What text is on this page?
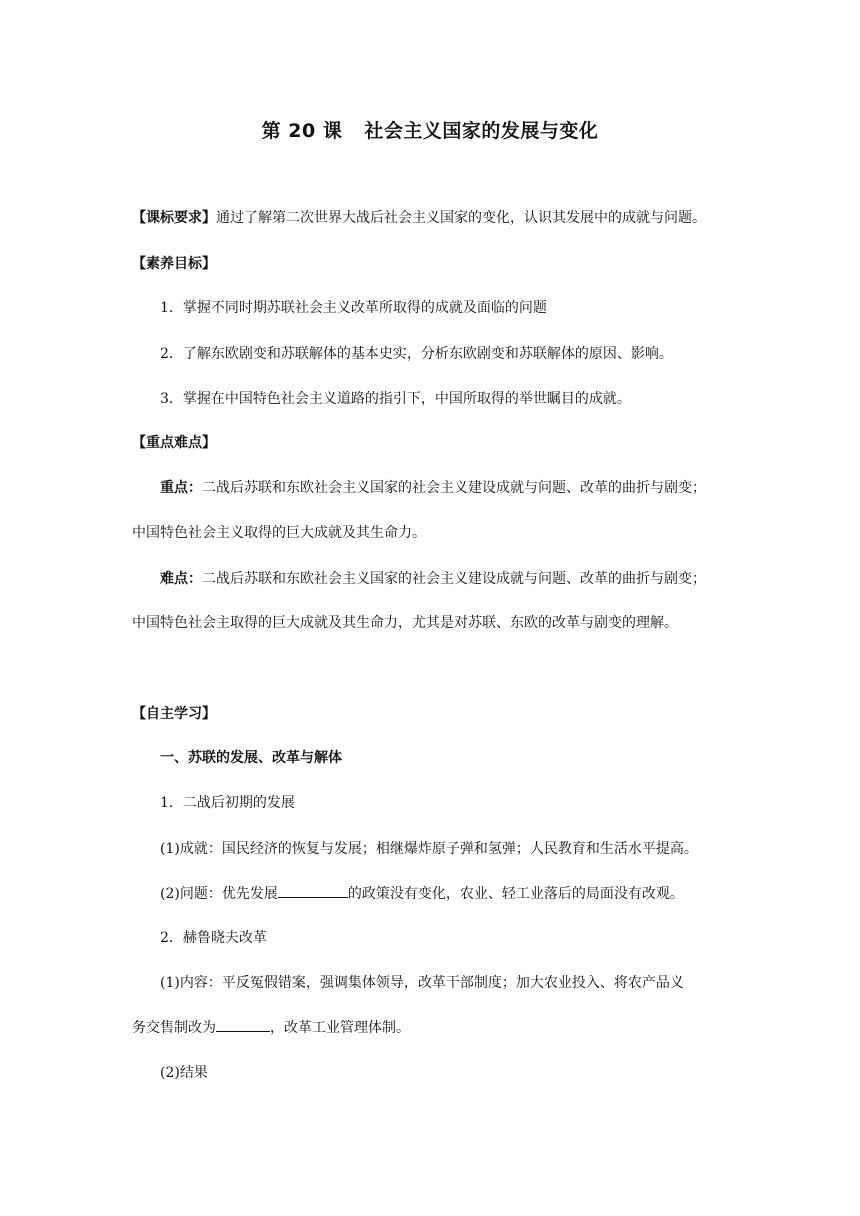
第 20 课 社会主义国家的发展与变化
【课标要求】通过了解第二次世界大战后社会主义国家的变化，认识其发展中的成就与问题。
【素养目标】
1．掌握不同时期苏联社会主义改革所取得的成就及面临的问题
2．了解东欧剧变和苏联解体的基本史实，分析东欧剧变和苏联解体的原因、影响。
3．掌握在中国特色社会主义道路的指引下，中国所取得的举世瞩目的成就。
【重点难点】
重点：二战后苏联和东欧社会主义国家的社会主义建设成就与问题、改革的曲折与剧变；
中国特色社会主义取得的巨大成就及其生命力。
难点：二战后苏联和东欧社会主义国家的社会主义建设成就与问题、改革的曲折与剧变；
中国特色社会主取得的巨大成就及其生命力，尤其是对苏联、东欧的改革与剧变的理解。
【自主学习】
一、苏联的发展、改革与解体
1．二战后初期的发展
(1)成就：国民经济的恢复与发展；相继爆炸原子弹和氢弹；人民教育和生活水平提高。
(2)问题：优先发展	的政策没有变化，农业、轻工业落后的局面没有改观。
2．赫鲁晓夫改革
(1)内容：平反冤假错案，强调集体领导，改革干部制度；加大农业投入、将农产品义
务交售制改为	，改革工业管理体制。
(2)结果
